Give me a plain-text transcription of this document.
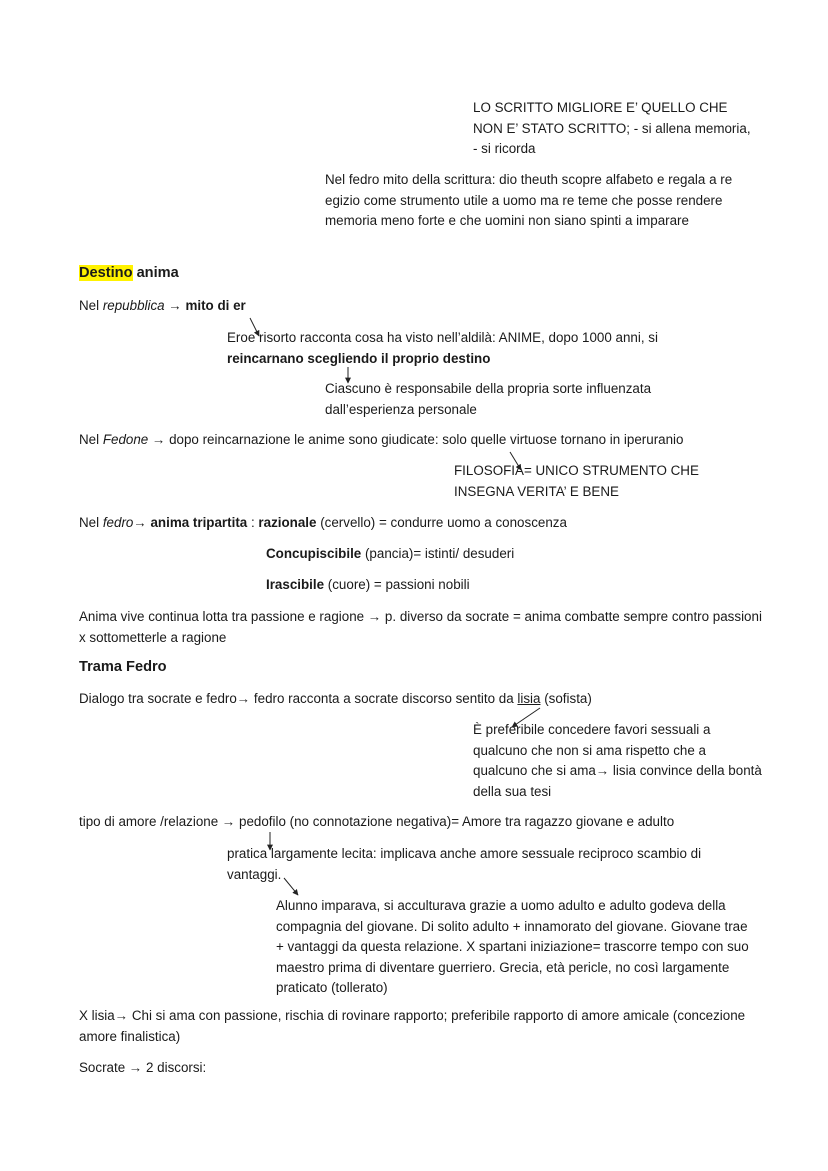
LO SCRITTO MIGLIORE E’ QUELLO CHE NON E’ STATO SCRITTO; - si allena memoria, - si ricorda

Nel fedro mito della scrittura: dio theuth scopre alfabeto e regala a re egizio come strumento utile a uomo ma re teme che posse rendere memoria meno forte e che uomini non siano spinti a imparare

Destino anima

Nel repubblica → mito di er

Eroe risorto racconta cosa ha visto nell’aldilà: ANIME, dopo 1000 anni, si reincarnano scegliendo il proprio destino

Ciascuno è responsabile della propria sorte influenzata dall’esperienza personale

Nel Fedone → dopo reincarnazione le anime sono giudicate: solo quelle virtuose tornano in iperuranio

FILOSOFIA= UNICO STRUMENTO CHE INSEGNA VERITA’ E BENE

Nel fedro→ anima tripartita : razionale (cervello) = condurre uomo a conoscenza

Concupiscibile (pancia)= istinti/ desuderi

Irascibile (cuore) = passioni nobili

Anima vive continua lotta tra passione e ragione → p. diverso da socrate = anima combatte sempre contro passioni x sottometterle a ragione

Trama Fedro

Dialogo tra socrate e fedro→ fedro racconta a socrate discorso sentito da lisia (sofista)

È preferibile concedere favori sessuali a qualcuno che non si ama rispetto che a qualcuno che si ama→ lisia convince della bontà della sua tesi

tipo di amore /relazione → pedofilo (no connotazione negativa)= Amore tra ragazzo giovane e adulto

pratica largamente lecita: implicava anche amore sessuale reciproco scambio di vantaggi.

Alunno imparava, si acculturava grazie a uomo adulto e adulto godeva della compagnia del giovane. Di solito adulto + innamorato del giovane. Giovane trae + vantaggi da questa relazione. X spartani iniziazione= trascorre tempo con suo maestro prima di diventare guerriero. Grecia, età pericle, no così largamente praticato (tollerato)

X lisia→ Chi si ama con passione, rischia di rovinare rapporto; preferibile rapporto di amore amicale (concezione amore finalistica)

Socrate → 2 discorsi:
